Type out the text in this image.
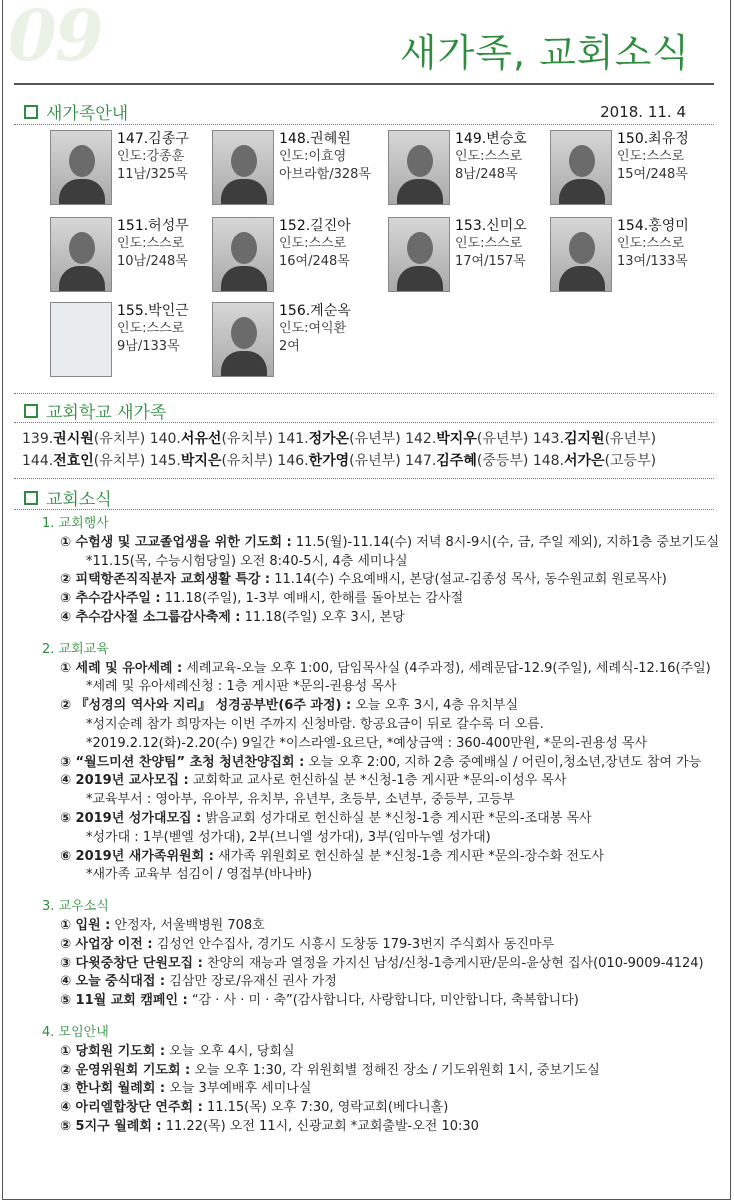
09	새가족, 교회소식
새가족안내	2018. 11. 4
147.김종구
인도:강종훈
11남/325목
148.권혜원
인도:이효영
아브라함/328목
149.변승호
인도:스스로
8남/248목
150.최유정
인도:스스로
15여/248목
151.허성무
인도:스스로
10남/248목
152.길진아
인도:스스로
16여/248목
153.신미오
인도:스스로
17여/157목
154.홍영미
인도:스스로
13여/133목
155.박인근
인도:스스로
9남/133목
156.계순옥
인도:여익환
2여
교회학교 새가족
139.권시원(유치부) 140.서유선(유치부) 141.정가온(유년부) 142.박지우(유년부) 143.김지원(유년부)
144.전효인(유치부) 145.박지은(유치부) 146.한가영(유년부) 147.김주혜(중등부) 148.서가은(고등부)
교회소식
1. 교회행사
① 수험생 및 고교졸업생을 위한 기도회 : 11.5(월)-11.14(수) 저녁 8시-9시(수, 금, 주일 제외), 지하1층 중보기도실
*11.15(목, 수능시험당일) 오전 8:40-5시, 4층 세미나실
② 피택항존직직분자 교회생활 특강 : 11.14(수) 수요예배시, 본당(설교-김종성 목사, 동수원교회 원로목사)
③ 추수감사주일 : 11.18(주일), 1-3부 예배시, 한해를 돌아보는 감사절
④ 추수감사절 소그룹감사축제 : 11.18(주일) 오후 3시, 본당
2. 교회교육
① 세례 및 유아세례 : 세례교육-오늘 오후 1:00, 담임목사실 (4주과정), 세례문답-12.9(주일), 세례식-12.16(주일)
*세례 및 유아세례신청 : 1층 게시판 *문의-권용성 목사
② 『성경의 역사와 지리』 성경공부반(6주 과정) : 오늘 오후 3시, 4층 유치부실
*성지순례 참가 희망자는 이번 주까지 신청바람. 항공요금이 뒤로 갈수록 더 오름.
*2019.2.12(화)-2.20(수) 9일간 *이스라엘-요르단, *예상금액 : 360-400만원, *문의-권용성 목사
③ “월드미션 찬양팀” 초청 청년찬양집회 : 오늘 오후 2:00, 지하 2층 중예배실 / 어린이,청소년,장년도 참여 가능
④ 2019년 교사모집 : 교회학교 교사로 헌신하실 분 *신청-1층 게시판 *문의-이성우 목사
*교육부서 : 영아부, 유아부, 유치부, 유년부, 초등부, 소년부, 중등부, 고등부
⑤ 2019년 성가대모집 : 밝음교회 성가대로 헌신하실 분 *신청-1층 게시판 *문의-조대봉 목사
*성가대 : 1부(벧엘 성가대), 2부(브니엘 성가대), 3부(임마누엘 성가대)
⑥ 2019년 새가족위원회 : 새가족 위원회로 헌신하실 분 *신청-1층 게시판 *문의-장수화 전도사
*새가족 교육부 섬김이 / 영접부(바나바)
3. 교우소식
① 입원 : 안정자, 서울백병원 708호
② 사업장 이전 : 김성언 안수집사, 경기도 시흥시 도창동 179-3번지 주식회사 동진마루
③ 다윗중창단 단원모집 : 찬양의 재능과 열정을 가지신 남성/신청-1층게시판/문의-윤상현 집사(010-9009-4124)
④ 오늘 중식대접 : 김삼만 장로/유재신 권사 가정
⑤ 11월 교회 캠페인 : “감 · 사 · 미 · 축”(감사합니다, 사랑합니다, 미안합니다, 축복합니다)
4. 모임안내
① 당회원 기도회 : 오늘 오후 4시, 당회실
② 운영위원회 기도회 : 오늘 오후 1:30, 각 위원회별 정해진 장소 / 기도위원회 1시, 중보기도실
③ 한나회 월례회 : 오늘 3부예배후 세미나실
④ 아리엘합창단 연주회 : 11.15(목) 오후 7:30, 영락교회(베다니홀)
⑤ 5지구 월례회 : 11.22(목) 오전 11시, 신광교회 *교회출발-오전 10:30
